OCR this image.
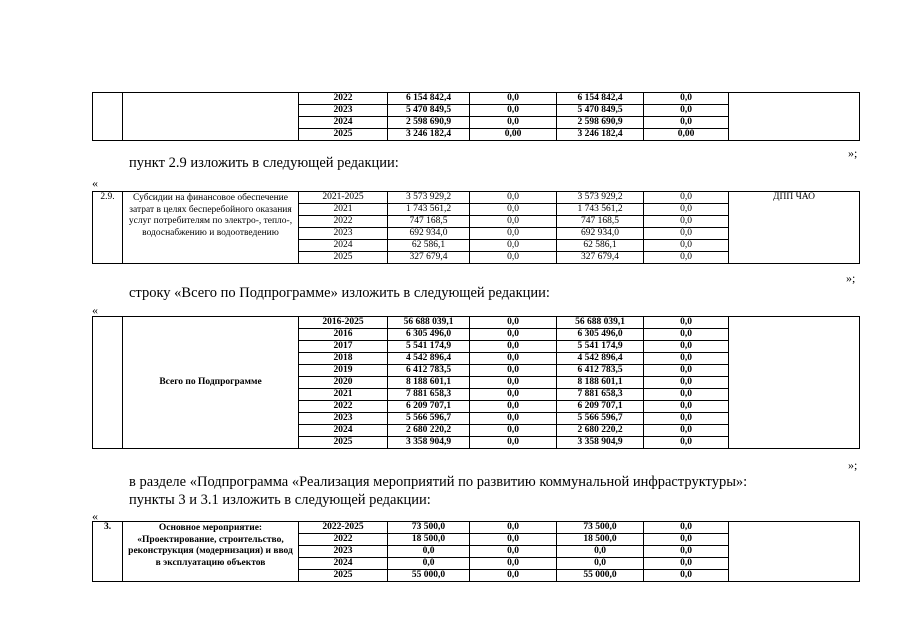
		2022	6 154 842,4	0,0	6 154 842,4	0,0	
		2023	5 470 849,5	0,0	5 470 849,5	0,0	
		2024	2 598 690,9	0,0	2 598 690,9	0,0	
		2025	3 246 182,4	0,00	3 246 182,4	0,00	
»;
пункт 2.9 изложить в следующей редакции:
«
2.9.	Субсидии на финансовое обеспечение затрат в целях бесперебойного оказания услуг потребителям по электро-, тепло-, водоснабжению и водоотведению	2021-2025	3 573 929,2	0,0	3 573 929,2	0,0	ДПП ЧАО
		2021	1 743 561,2	0,0	1 743 561,2	0,0	
		2022	747 168,5	0,0	747 168,5	0,0	
		2023	692 934,0	0,0	692 934,0	0,0	
		2024	62 586,1	0,0	62 586,1	0,0	
		2025	327 679,4	0,0	327 679,4	0,0	
»;
строку «Всего по Подпрограмме» изложить в следующей редакции:
«
	Всего по Подпрограмме	2016-2025	56 688 039,1	0,0	56 688 039,1	0,0	
		2016	6 305 496,0	0,0	6 305 496,0	0,0	
		2017	5 541 174,9	0,0	5 541 174,9	0,0	
		2018	4 542 896,4	0,0	4 542 896,4	0,0	
		2019	6 412 783,5	0,0	6 412 783,5	0,0	
		2020	8 188 601,1	0,0	8 188 601,1	0,0	
		2021	7 881 658,3	0,0	7 881 658,3	0,0	
		2022	6 209 707,1	0,0	6 209 707,1	0,0	
		2023	5 566 596,7	0,0	5 566 596,7	0,0	
		2024	2 680 220,2	0,0	2 680 220,2	0,0	
		2025	3 358 904,9	0,0	3 358 904,9	0,0	
»;
в разделе «Подпрограмма «Реализация мероприятий по развитию коммунальной инфраструктуры»:
пункты 3 и 3.1 изложить в следующей редакции:
«
3.	Основное мероприятие: «Проектирование, строительство, реконструкция (модернизация) и ввод в эксплуатацию объектов	2022-2025	73 500,0	0,0	73 500,0	0,0	
		2022	18 500,0	0,0	18 500,0	0,0	
		2023	0,0	0,0	0,0	0,0	
		2024	0,0	0,0	0,0	0,0	
		2025	55 000,0	0,0	55 000,0	0,0	
